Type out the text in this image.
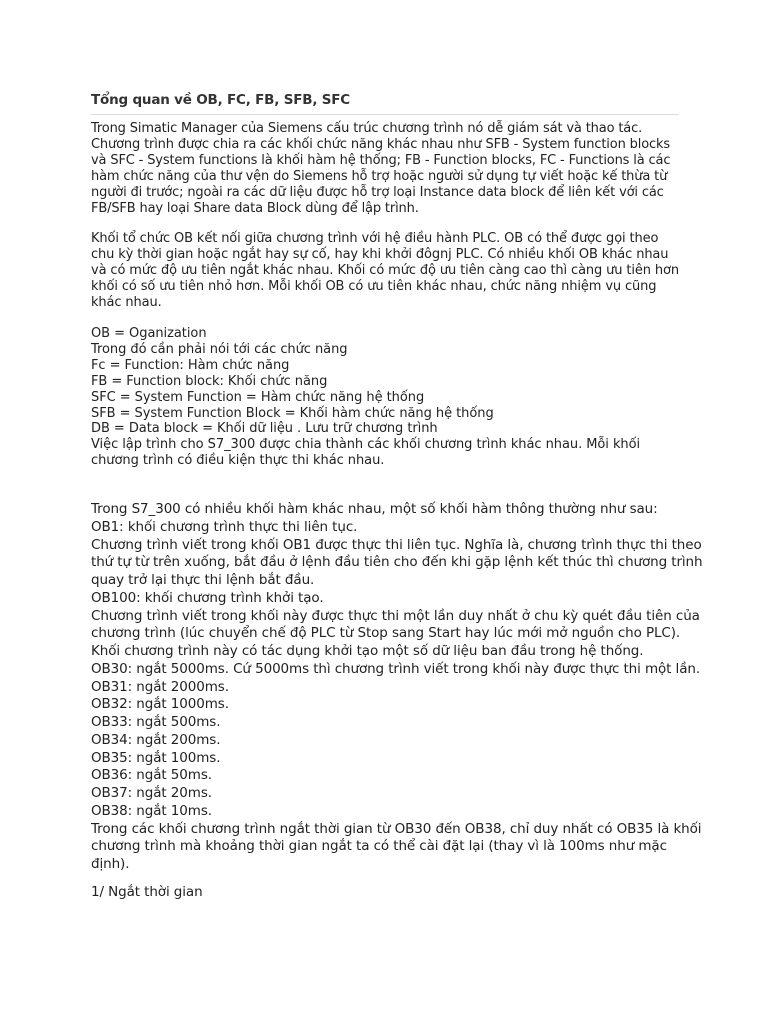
Tổng quan về OB, FC, FB, SFB, SFC
Trong Simatic Manager của Siemens cấu trúc chương trình nó dễ giám sát và thao tác.
Chương trình được chia ra các khối chức năng khác nhau như SFB - System function blocks
và SFC - System functions là khối hàm hệ thống; FB - Function blocks, FC - Functions là các
hàm chức năng của thư vện do Siemens hỗ trợ hoặc người sử dụng tự viết hoặc kế thừa từ
người đi trước; ngoài ra các dữ liệu được hỗ trợ loại Instance data block để liên kết với các
FB/SFB hay loại Share data Block dùng để lập trình.
Khối tổ chức OB kết nối giữa chương trình với hệ điều hành PLC. OB có thể được gọi theo
chu kỳ thời gian hoặc ngắt hay sự cố, hay khi khởi đôgnj PLC. Có nhiều khối OB khác nhau
và có mức độ ưu tiên ngắt khác nhau. Khối có mức độ ưu tiên càng cao thì càng ưu tiên hơn
khối có số ưu tiên nhỏ hơn. Mỗi khối OB có ưu tiên khác nhau, chức năng nhiệm vụ cũng
khác nhau.
OB = Oganization
Trong đó cần phải nói tới các chức năng
Fc = Function: Hàm chức năng
FB = Function block: Khối chức năng
SFC = System Function = Hàm chức năng hệ thống
SFB = System Function Block = Khối hàm chức năng hệ thống
DB = Data block = Khối dữ liệu . Lưu trữ chương trình
Việc lập trình cho S7_300 được chia thành các khối chương trình khác nhau. Mỗi khối
chương trình có điều kiện thực thi khác nhau.
Trong S7_300 có nhiều khối hàm khác nhau, một số khối hàm thông thường như sau:
OB1: khối chương trình thực thi liên tục.
Chương trình viết trong khối OB1 được thực thi liên tục. Nghĩa là, chương trình thực thi theo
thứ tự từ trên xuống, bắt đầu ở lệnh đầu tiên cho đến khi gặp lệnh kết thúc thì chương trình
quay trở lại thực thi lệnh bắt đầu.
OB100: khối chương trình khởi tạo.
Chương trình viết trong khối này được thực thi một lần duy nhất ở chu kỳ quét đầu tiên của
chương trình (lúc chuyển chế độ PLC từ Stop sang Start hay lúc mới mở nguồn cho PLC).
Khối chương trình này có tác dụng khởi tạo một số dữ liệu ban đầu trong hệ thống.
OB30: ngắt 5000ms. Cứ 5000ms thì chương trình viết trong khối này được thực thi một lần.
OB31: ngắt 2000ms.
OB32: ngắt 1000ms.
OB33: ngắt 500ms.
OB34: ngắt 200ms.
OB35: ngắt 100ms.
OB36: ngắt 50ms.
OB37: ngắt 20ms.
OB38: ngắt 10ms.
Trong các khối chương trình ngắt thời gian từ OB30 đến OB38, chỉ duy nhất có OB35 là khối
chương trình mà khoảng thời gian ngắt ta có thể cài đặt lại (thay vì là 100ms như mặc
định).
1/ Ngắt thời gian
